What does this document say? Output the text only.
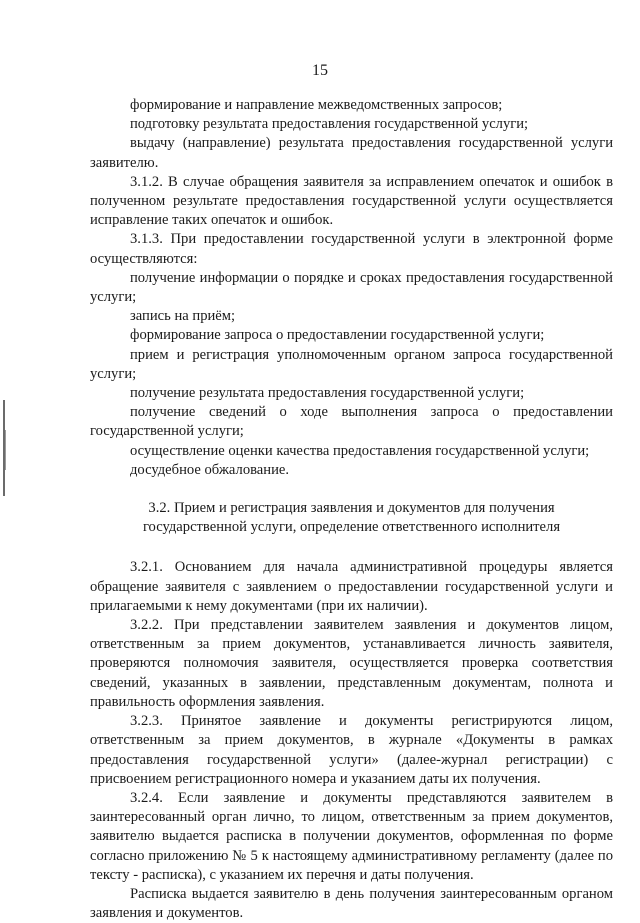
15

формирование и направление межведомственных запросов;

подготовку результата предоставления государственной услуги;

выдачу (направление) результата предоставления государственной услуги заявителю.

3.1.2. В случае обращения заявителя за исправлением опечаток и ошибок в полученном результате предоставления государственной услуги осуществляется исправление таких опечаток и ошибок.

3.1.3. При предоставлении государственной услуги в электронной форме осуществляются:

получение информации о порядке и сроках предоставления государственной услуги;

запись на приём;

формирование запроса о предоставлении государственной услуги;

прием и регистрация уполномоченным органом запроса государственной услуги;

получение результата предоставления государственной услуги;

получение сведений о ходе выполнения запроса о предоставлении государственной услуги;

осуществление оценки качества предоставления государственной услуги;

досудебное обжалование.

3.2. Прием и регистрация заявления и документов для получения
государственной услуги, определение ответственного исполнителя

3.2.1. Основанием для начала административной процедуры является обращение заявителя с заявлением о предоставлении государственной услуги и прилагаемыми к нему документами (при их наличии).

3.2.2. При представлении заявителем заявления и документов лицом, ответственным за прием документов, устанавливается личность заявителя, проверяются полномочия заявителя, осуществляется проверка соответствия сведений, указанных в заявлении, представленным документам, полнота и правильность оформления заявления.

3.2.3. Принятое заявление и документы регистрируются лицом, ответственным за прием документов, в журнале «Документы в рамках предоставления государственной услуги» (далее-журнал регистрации) с присвоением регистрационного номера и указанием даты их получения.

3.2.4. Если заявление и документы представляются заявителем в заинтересованный орган лично, то лицом, ответственным за прием документов, заявителю выдается расписка в получении документов, оформленная по форме согласно приложению № 5 к настоящему административному регламенту (далее по тексту - расписка), с указанием их перечня и даты получения.

Расписка выдается заявителю в день получения заинтересованным органом заявления и документов.
